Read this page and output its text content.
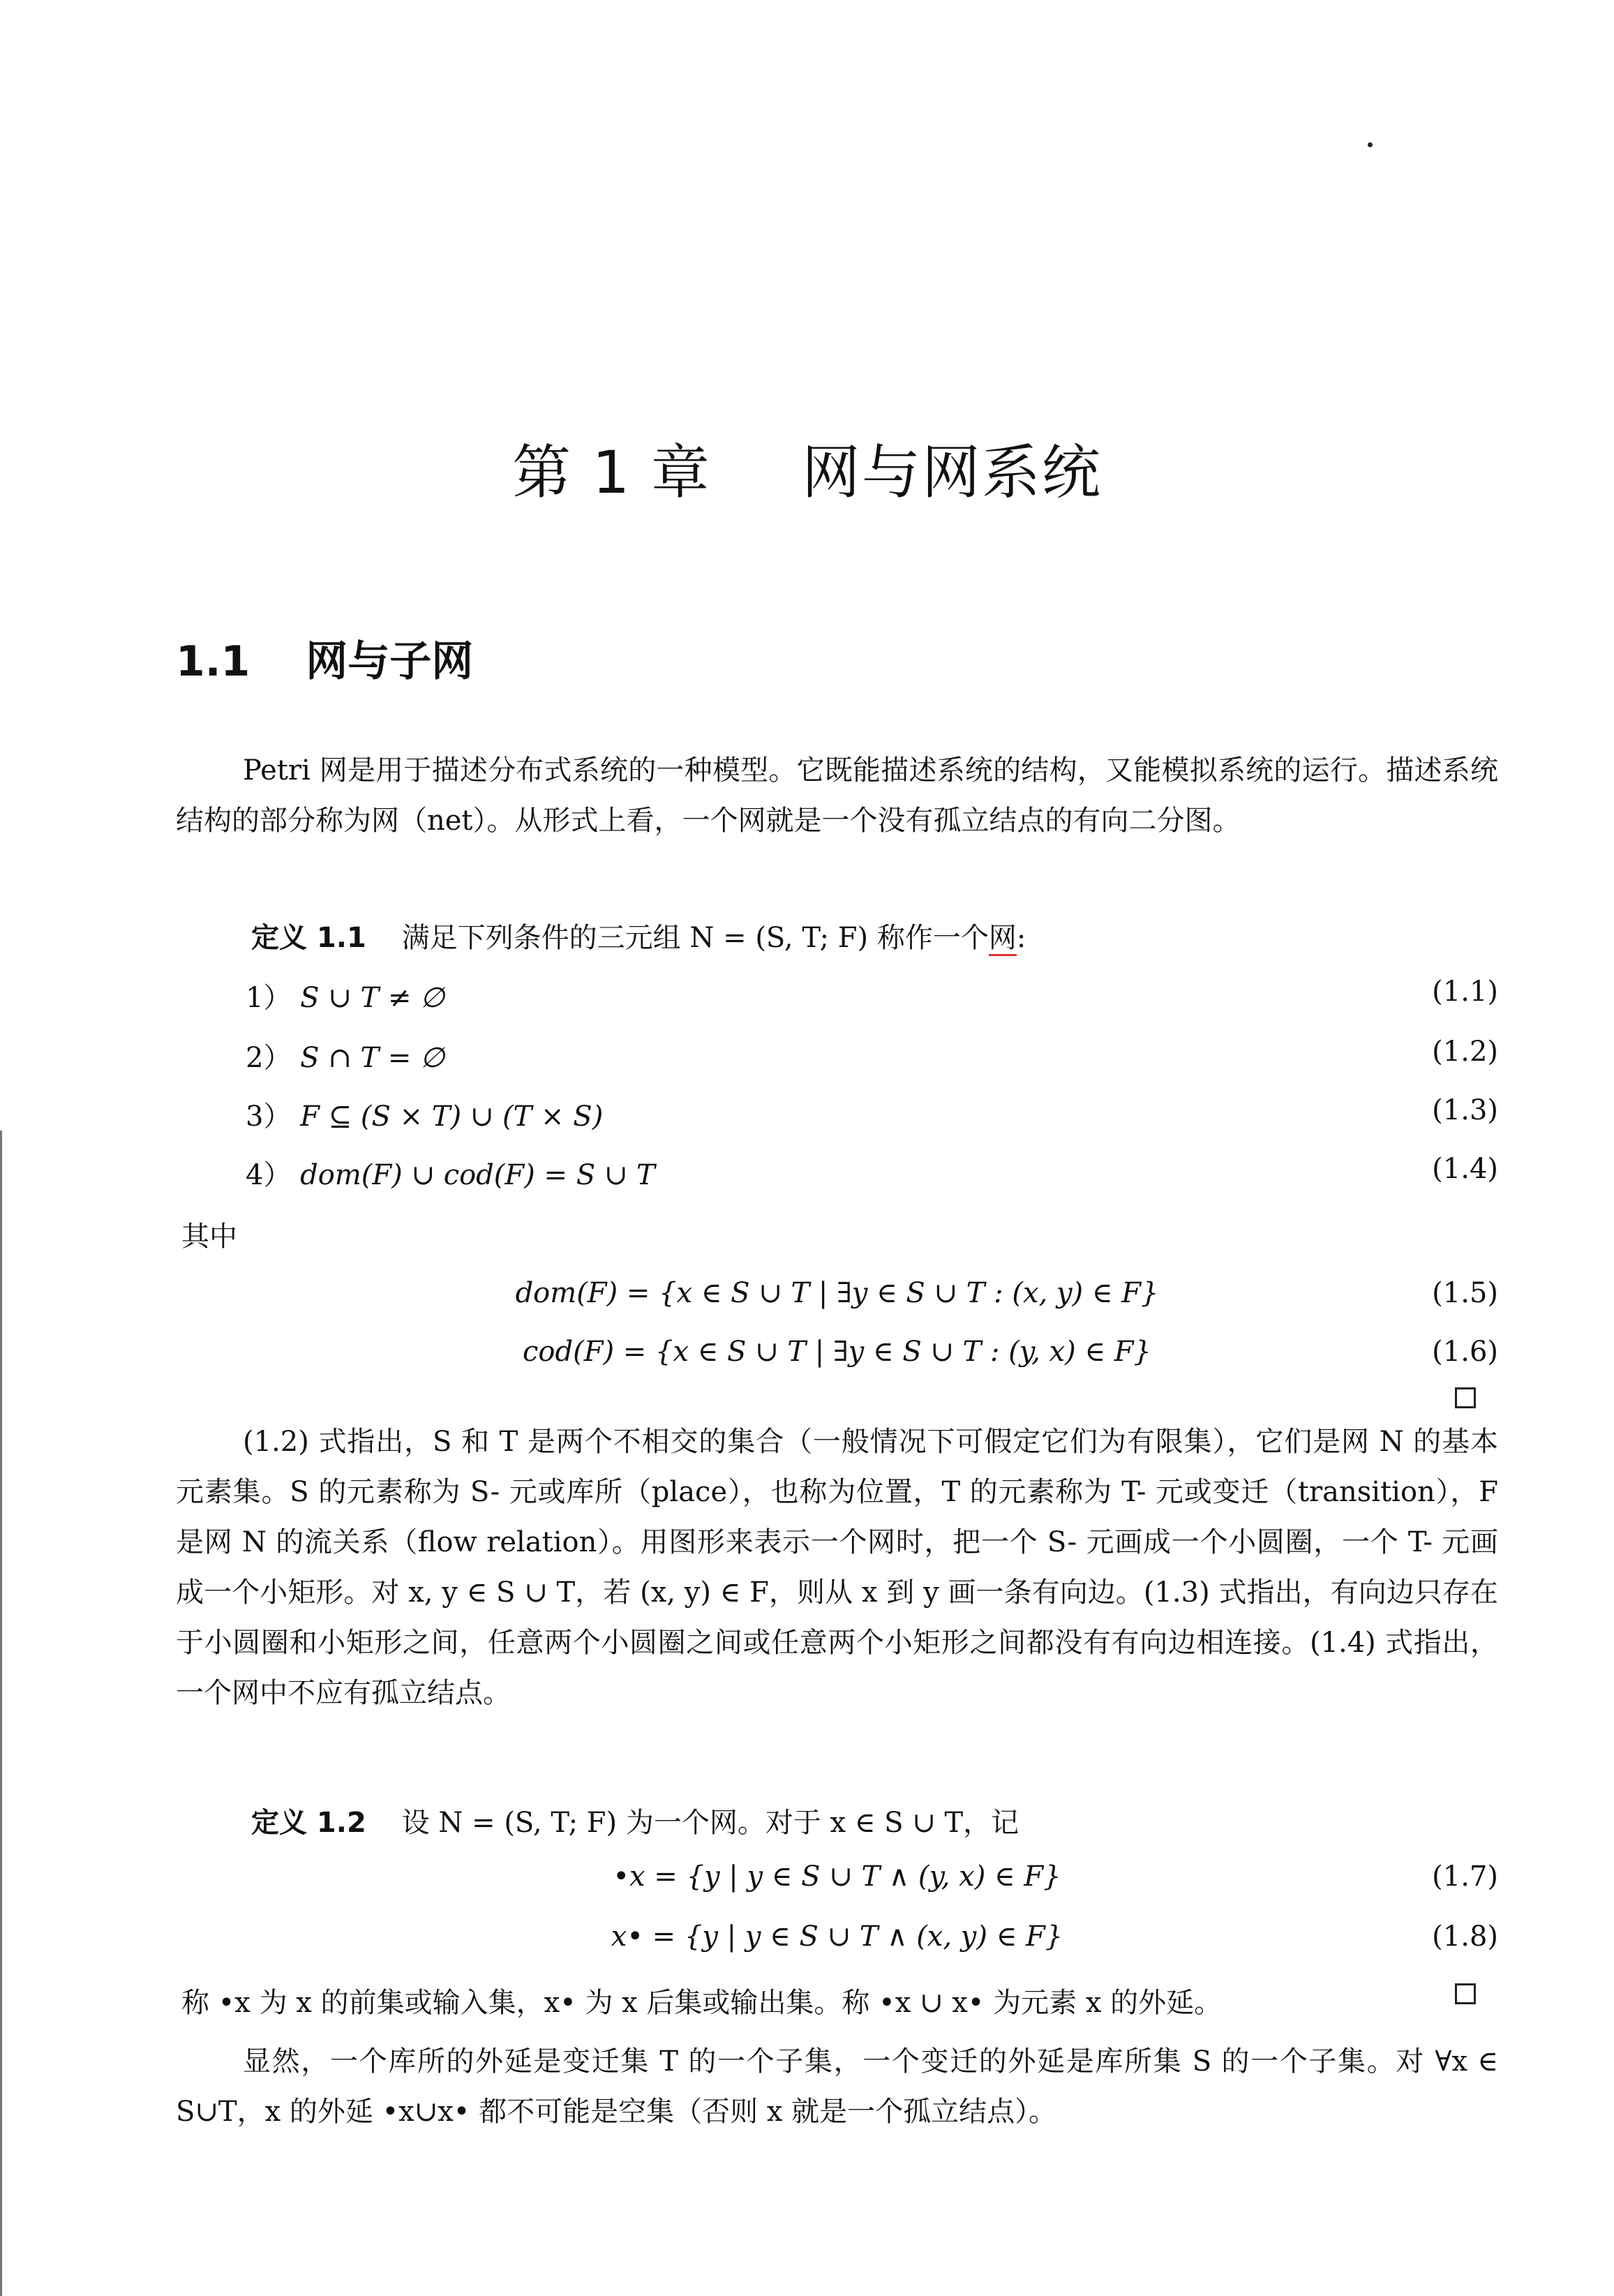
第 1 章 网与网系统
1.1 网与子网
Petri 网是用于描述分布式系统的一种模型。它既能描述系统的结构，又能模拟系统的运行。描述系统结构的部分称为网（net）。从形式上看，一个网就是一个没有孤立结点的有向二分图。
定义 1.1 满足下列条件的三元组 N = (S, T; F) 称作一个网:
1） S ∪ T ≠ ∅	(1.1)
2） S ∩ T = ∅	(1.2)
3） F ⊆ (S × T) ∪ (T × S)	(1.3)
4） dom(F) ∪ cod(F) = S ∪ T	(1.4)
其中
dom(F) = {x ∈ S ∪ T | ∃y ∈ S ∪ T : (x, y) ∈ F}	(1.5)
cod(F) = {x ∈ S ∪ T | ∃y ∈ S ∪ T : (y, x) ∈ F}	(1.6)
(1.2) 式指出，S 和 T 是两个不相交的集合（一般情况下可假定它们为有限集），它们是网 N 的基本元素集。S 的元素称为 S- 元或库所（place），也称为位置，T 的元素称为 T- 元或变迁（transition），F 是网 N 的流关系（flow relation）。用图形来表示一个网时，把一个 S- 元画成一个小圆圈，一个 T- 元画成一个小矩形。对 x, y ∈ S ∪ T，若 (x, y) ∈ F，则从 x 到 y 画一条有向边。(1.3) 式指出，有向边只存在于小圆圈和小矩形之间，任意两个小圆圈之间或任意两个小矩形之间都没有有向边相连接。(1.4) 式指出，一个网中不应有孤立结点。
定义 1.2 设 N = (S, T; F) 为一个网。对于 x ∈ S ∪ T，记
•x = {y | y ∈ S ∪ T ∧ (y, x) ∈ F}	(1.7)
x• = {y | y ∈ S ∪ T ∧ (x, y) ∈ F}	(1.8)
称 •x 为 x 的前集或输入集，x• 为 x 后集或输出集。称 •x ∪ x• 为元素 x 的外延。
显然，一个库所的外延是变迁集 T 的一个子集，一个变迁的外延是库所集 S 的一个子集。对 ∀x ∈ S∪T，x 的外延 •x∪x• 都不可能是空集（否则 x 就是一个孤立结点）。
